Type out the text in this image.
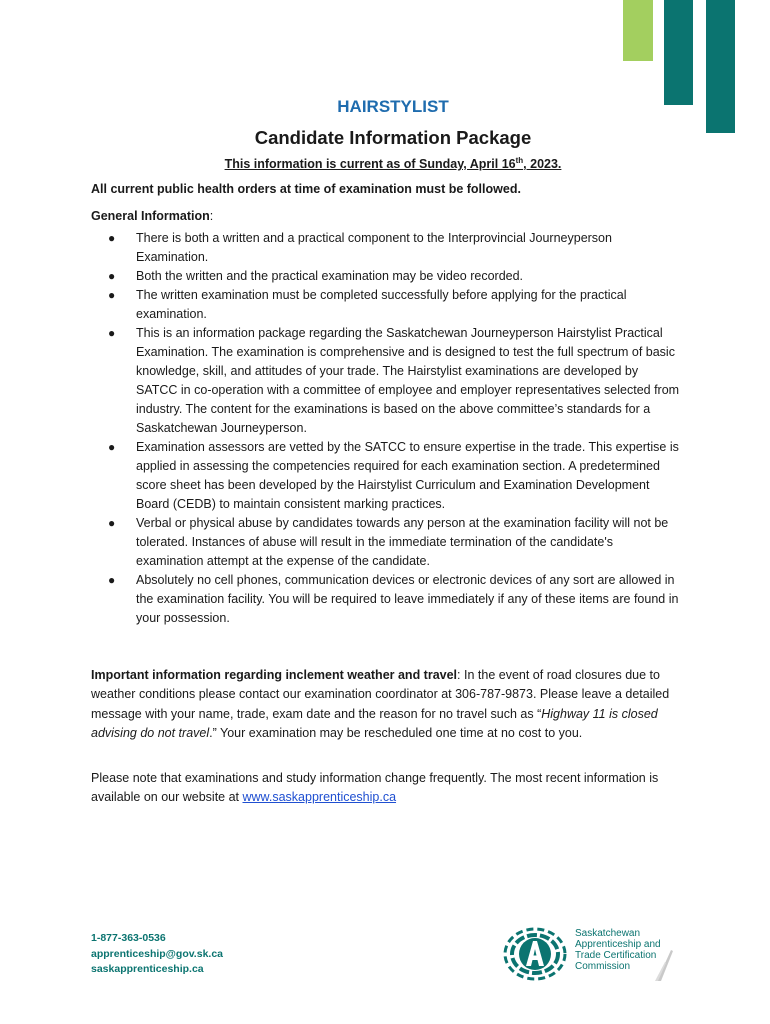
HAIRSTYLIST
Candidate Information Package
This information is current as of Sunday, April 16th, 2023.
All current public health orders at time of examination must be followed.
General Information:
● There is both a written and a practical component to the Interprovincial Journeyperson Examination.
● Both the written and the practical examination may be video recorded.
● The written examination must be completed successfully before applying for the practical examination.
● This is an information package regarding the Saskatchewan Journeyperson Hairstylist Practical Examination. The examination is comprehensive and is designed to test the full spectrum of basic knowledge, skill, and attitudes of your trade. The Hairstylist examinations are developed by SATCC in co-operation with a committee of employee and employer representatives selected from industry. The content for the examinations is based on the above committee’s standards for a Saskatchewan Journeyperson.
● Examination assessors are vetted by the SATCC to ensure expertise in the trade. This expertise is applied in assessing the competencies required for each examination section. A predetermined score sheet has been developed by the Hairstylist Curriculum and Examination Development Board (CEDB) to maintain consistent marking practices.
● Verbal or physical abuse by candidates towards any person at the examination facility will not be tolerated. Instances of abuse will result in the immediate termination of the candidate's examination attempt at the expense of the candidate.
● Absolutely no cell phones, communication devices or electronic devices of any sort are allowed in the examination facility. You will be required to leave immediately if any of these items are found in your possession.
Important information regarding inclement weather and travel: In the event of road closures due to weather conditions please contact our examination coordinator at 306-787-9873. Please leave a detailed message with your name, trade, exam date and the reason for no travel such as “Highway 11 is closed advising do not travel.” Your examination may be rescheduled one time at no cost to you.
Please note that examinations and study information change frequently. The most recent information is available on our website at www.saskapprenticeship.ca
1-877-363-0536
apprenticeship@gov.sk.ca
saskapprenticeship.ca
Saskatchewan
Apprenticeship and
Trade Certification
Commission
